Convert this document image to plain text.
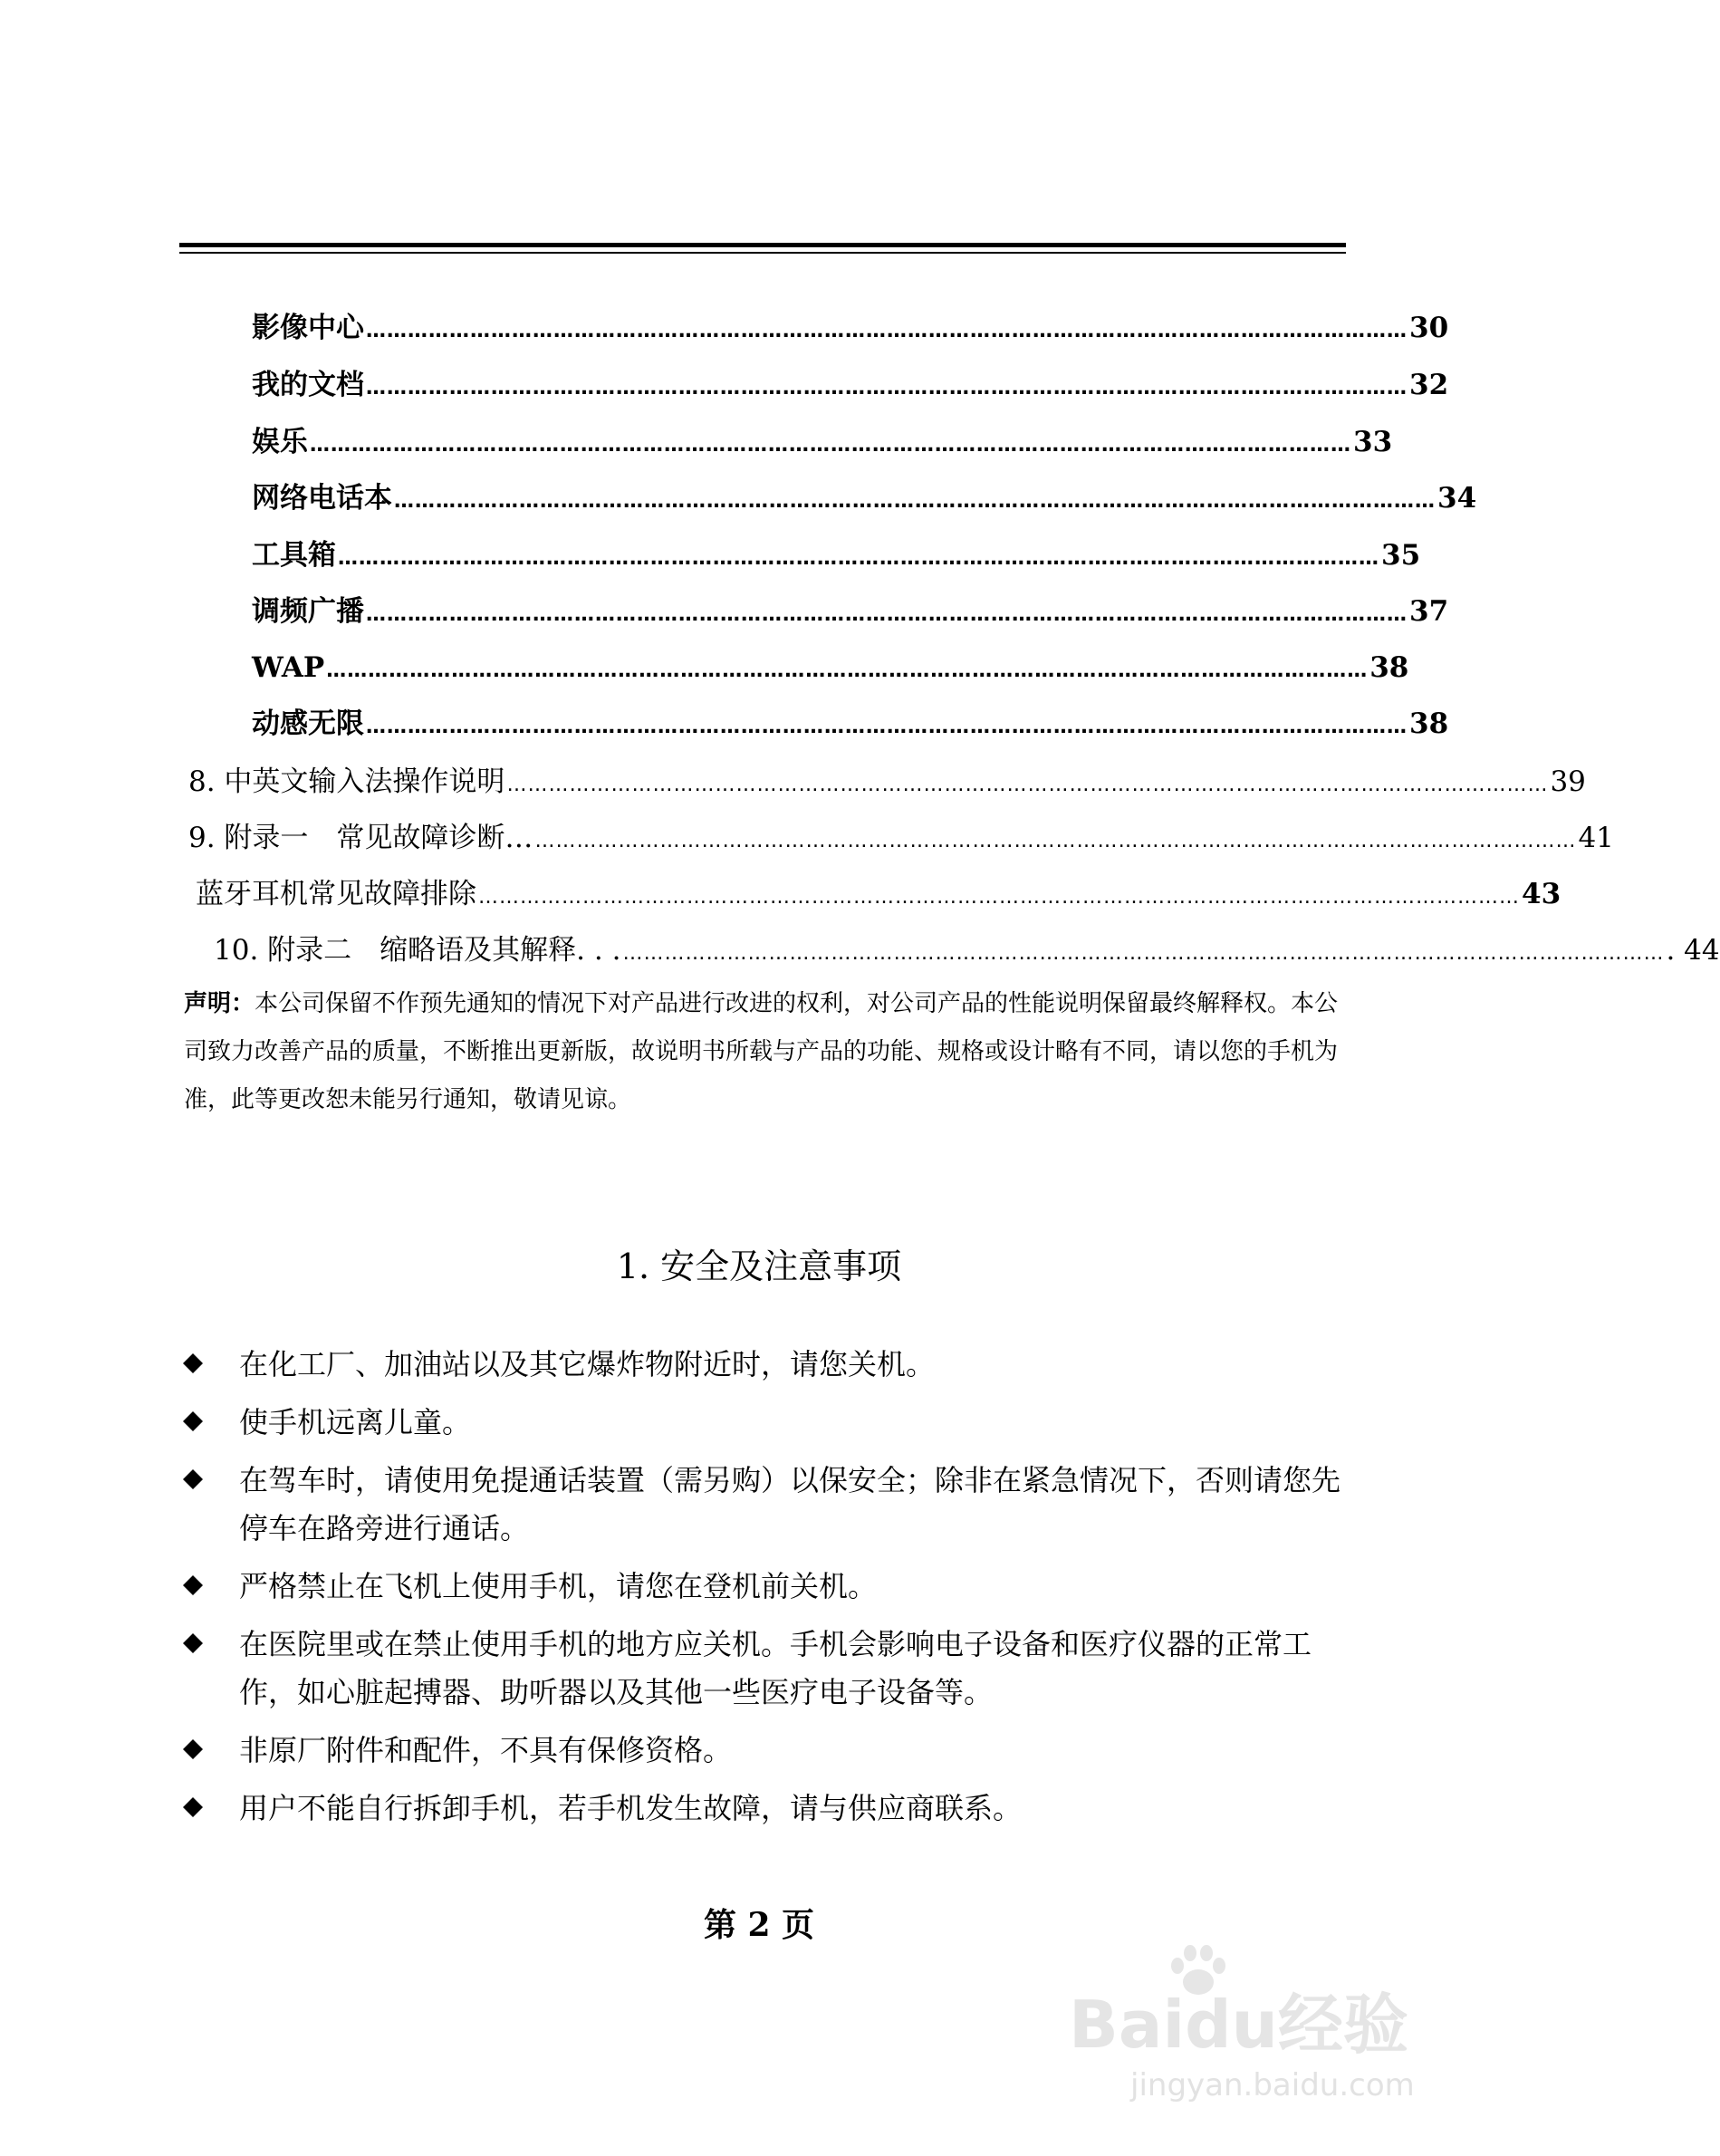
影像中心 …………………………………………………………………………………………………………………………………… 30
我的文档 …………………………………………………………………………………………………………………………………… 32
娱乐 …………………………………………………………………………………………………………………………………… 33
网络电话本 …………………………………………………………………………………………………………………………………… 34
工具箱 …………………………………………………………………………………………………………………………………… 35
调频广播 …………………………………………………………………………………………………………………………………… 37
WAP …………………………………………………………………………………………………………………………………… 38
动感无限 …………………………………………………………………………………………………………………………………… 38
8. 中英文输入法操作说明 …………………………………………………………………………………………………………………………………… 39
9. 附录一　常见故障诊断… …………………………………………………………………………………………………………………………………… 41
蓝牙耳机常见故障排除 …………………………………………………………………………………………………………………………………… 43
10. 附录二　缩略语及其解释. . . …………………………………………………………………………………………………………………………………… . 44
声明：本公司保留不作预先通知的情况下对产品进行改进的权利，对公司产品的性能说明保留最终解释权。本公司致力改善产品的质量，不断推出更新版，故说明书所载与产品的功能、规格或设计略有不同，请以您的手机为准，此等更改恕未能另行通知，敬请见谅。
1. 安全及注意事项
在化工厂、加油站以及其它爆炸物附近时，请您关机。
使手机远离儿童。
在驾车时，请使用免提通话装置（需另购）以保安全；除非在紧急情况下，否则请您先停车在路旁进行通话。
严格禁止在飞机上使用手机，请您在登机前关机。
在医院里或在禁止使用手机的地方应关机。手机会影响电子设备和医疗仪器的正常工作，如心脏起搏器、助听器以及其他一些医疗电子设备等。
非原厂附件和配件，不具有保修资格。
用户不能自行拆卸手机，若手机发生故障，请与供应商联系。
第 2 页
Baidu经验
jingyan.baidu.com
